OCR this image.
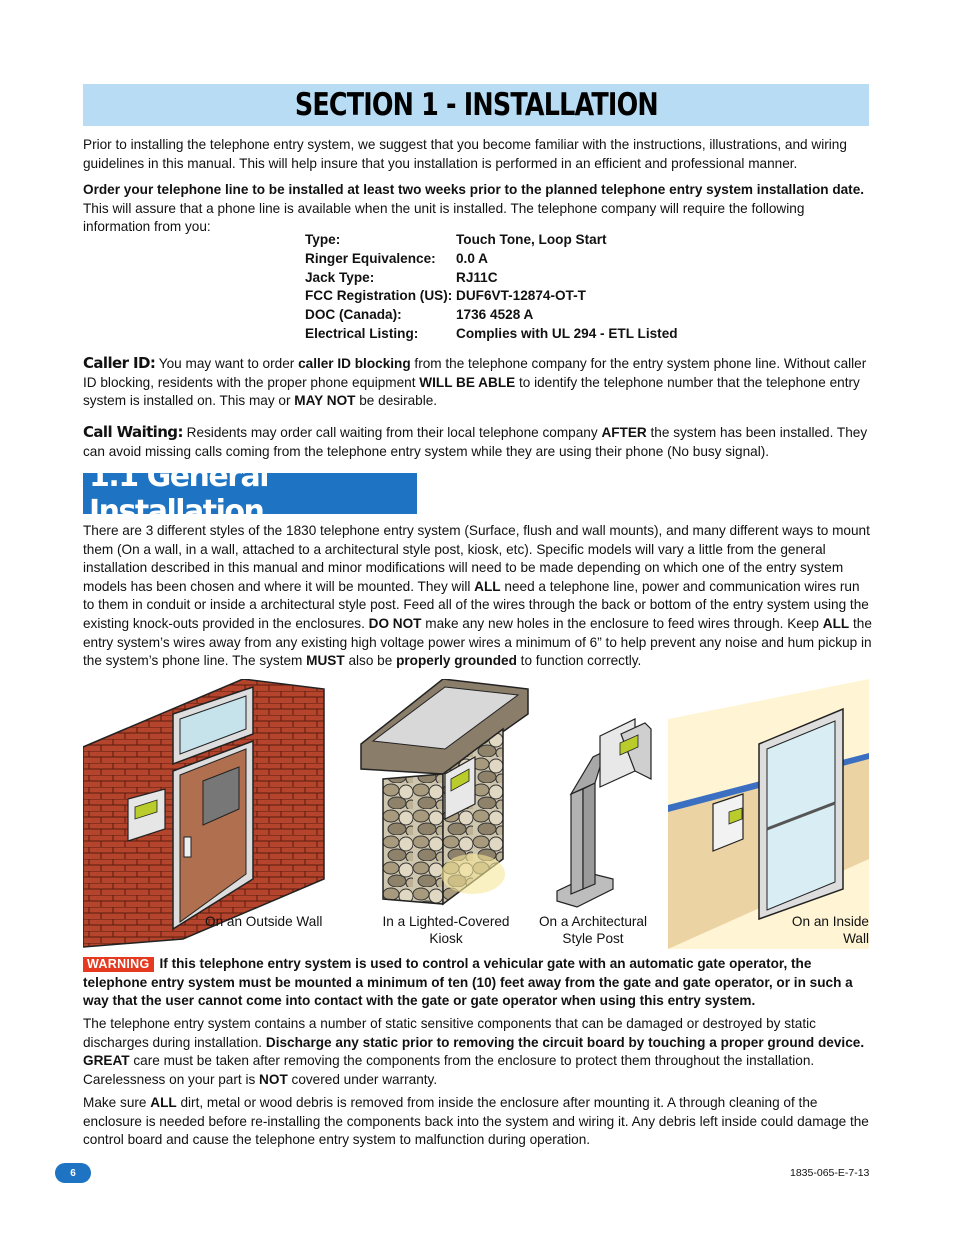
SECTION 1 - INSTALLATION

Prior to installing the telephone entry system, we suggest that you become familiar with the instructions, illustrations, and wiring guidelines in this manual. This will help insure that you installation is performed in an efficient and professional manner.

Order your telephone line to be installed at least two weeks prior to the planned telephone entry system installation date.
This will assure that a phone line is available when the unit is installed. The telephone company will require the following information from you:

Type:	Touch Tone, Loop Start
Ringer Equivalence:	0.0 A
Jack Type:	RJ11C
FCC Registration (US): DUF6VT-12874-OT-T
DOC (Canada):	1736 4528 A
Electrical Listing:	Complies with UL 294 - ETL Listed

Caller ID: You may want to order caller ID blocking from the telephone company for the entry system phone line. Without caller ID blocking, residents with the proper phone equipment WILL BE ABLE to identify the telephone number that the telephone entry system is installed on. This may or MAY NOT be desirable.

Call Waiting: Residents may order call waiting from their local telephone company AFTER the system has been installed. They can avoid missing calls coming from the telephone entry system while they are using their phone (No busy signal).

1.1 General Installation

There are 3 different styles of the 1830 telephone entry system (Surface, flush and wall mounts), and many different ways to mount them (On a wall, in a wall, attached to a architectural style post, kiosk, etc). Specific models will vary a little from the general installation described in this manual and minor modifications will need to be made depending on which one of the entry system models has been chosen and where it will be mounted. They will ALL need a telephone line, power and communication wires run to them in conduit or inside a architectural style post. Feed all of the wires through the back or bottom of the entry system using the existing knock-outs provided in the enclosures. DO NOT make any new holes in the enclosure to feed wires through. Keep ALL the entry system’s wires away from any existing high voltage power wires a minimum of 6” to help prevent any noise and hum pickup in the system’s phone line. The system MUST also be properly grounded to function correctly.

On an Outside Wall	In a Lighted-Covered
Kiosk
On a Architectural
Style Post
On an Inside
Wall

WARNING If this telephone entry system is used to control a vehicular gate with an automatic gate operator, the telephone entry system must be mounted a minimum of ten (10) feet away from the gate and gate operator, or in such a way that the user cannot come into contact with the gate or gate operator when using this entry system.

The telephone entry system contains a number of static sensitive components that can be damaged or destroyed by static discharges during installation. Discharge any static prior to removing the circuit board by touching a proper ground device. GREAT care must be taken after removing the components from the enclosure to protect them throughout the installation. Carelessness on your part is NOT covered under warranty.

Make sure ALL dirt, metal or wood debris is removed from inside the enclosure after mounting it. A through cleaning of the enclosure is needed before re-installing the components back into the system and wiring it. Any debris left inside could damage the control board and cause the telephone entry system to malfunction during operation.

6	1835-065-E-7-13
